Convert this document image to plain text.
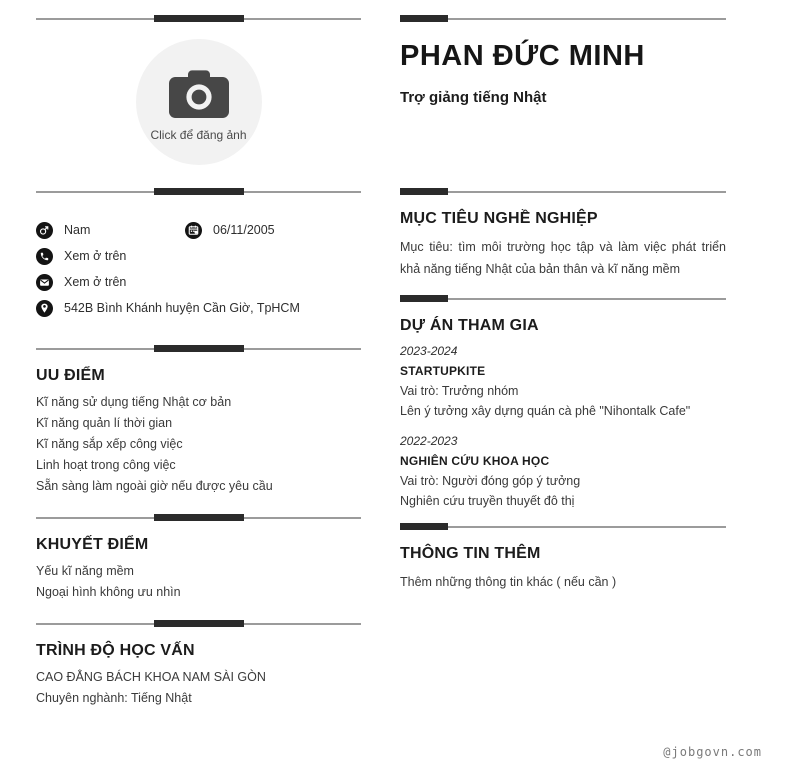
Click để đăng ảnh
Nam	06/11/2005
Xem ở trên
Xem ở trên
542B Bình Khánh huyện Cần Giờ, TpHCM
UU ĐIỂM
Kĩ năng sử dụng tiếng Nhật cơ bản
Kĩ năng quản lí thời gian
Kĩ năng sắp xếp công việc
Linh hoạt trong công việc
Sẵn sàng làm ngoài giờ nếu được yêu cầu
KHUYẾT ĐIỂM
Yếu kĩ năng mềm
Ngoại hình không ưu nhìn
TRÌNH ĐỘ HỌC VẤN
CAO ĐẲNG BÁCH KHOA NAM SÀI GÒN
Chuyên nghành: Tiếng Nhật
PHAN ĐỨC MINH
Trợ giảng tiếng Nhật
MỤC TIÊU NGHỀ NGHIỆP
Mục tiêu: tìm môi trường học tập và làm việc phát triển khả năng tiếng Nhật của bản thân và kĩ năng mềm
DỰ ÁN THAM GIA
2023-2024
STARTUPKITE
Vai trò: Trưởng nhóm
Lên ý tưởng xây dựng quán cà phê "Nihontalk Cafe"
2022-2023
NGHIÊN CỨU KHOA HỌC
Vai trò: Người đóng góp ý tưởng
Nghiên cứu truyền thuyết đô thị
THÔNG TIN THÊM
Thêm những thông tin khác ( nếu cần )
@jobgovn.com
